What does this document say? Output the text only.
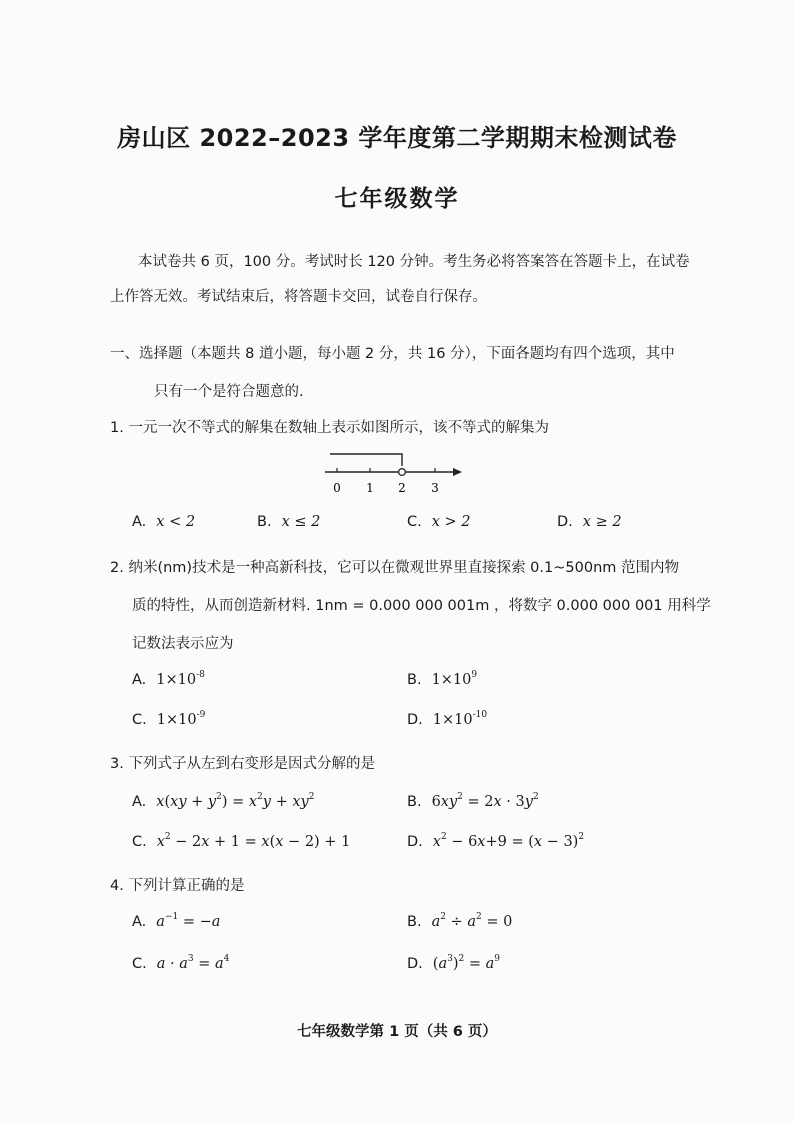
房山区 2022–2023 学年度第二学期期末检测试卷
七年级数学
本试卷共 6 页，100 分。考试时长 120 分钟。考生务必将答案答在答题卡上，在试卷
上作答无效。考试结束后，将答题卡交回，试卷自行保存。
一、选择题（本题共 8 道小题，每小题 2 分，共 16 分），下面各题均有四个选项，其中
只有一个是符合题意的.
1. 一元一次不等式的解集在数轴上表示如图所示，该不等式的解集为
0 1 2 3
A. x < 2	B. x ≤ 2	C. x > 2	D. x ≥ 2
2. 纳米(nm)技术是一种高新科技，它可以在微观世界里直接探索 0.1~500nm 范围内物
质的特性，从而创造新材料. 1nm = 0.000 000 001m ，将数字 0.000 000 001 用科学
记数法表示应为
A. $1\times 10^{-8}$	B. $1\times 10^9$
C. $1\times 10^{-9}$	D. $1\times 10^{-10}$
3. 下列式子从左到右变形是因式分解的是
A. $x(xy + y^2) = x^2y + xy^2$	B. $6xy^2 = 2x \cdot 3y^2$
C. $x^2 - 2x + 1 = x(x - 2) + 1$	D. $x^2 - 6x+9 = (x - 3)^2$
4. 下列计算正确的是
A. $a^{-1} = -a$	B. $a^2 \div a^2 = 0$
C. $a \cdot a^3 = a^4$	D. $(a^3)^2 = a^9$
七年级数学第 1 页（共 6 页）
